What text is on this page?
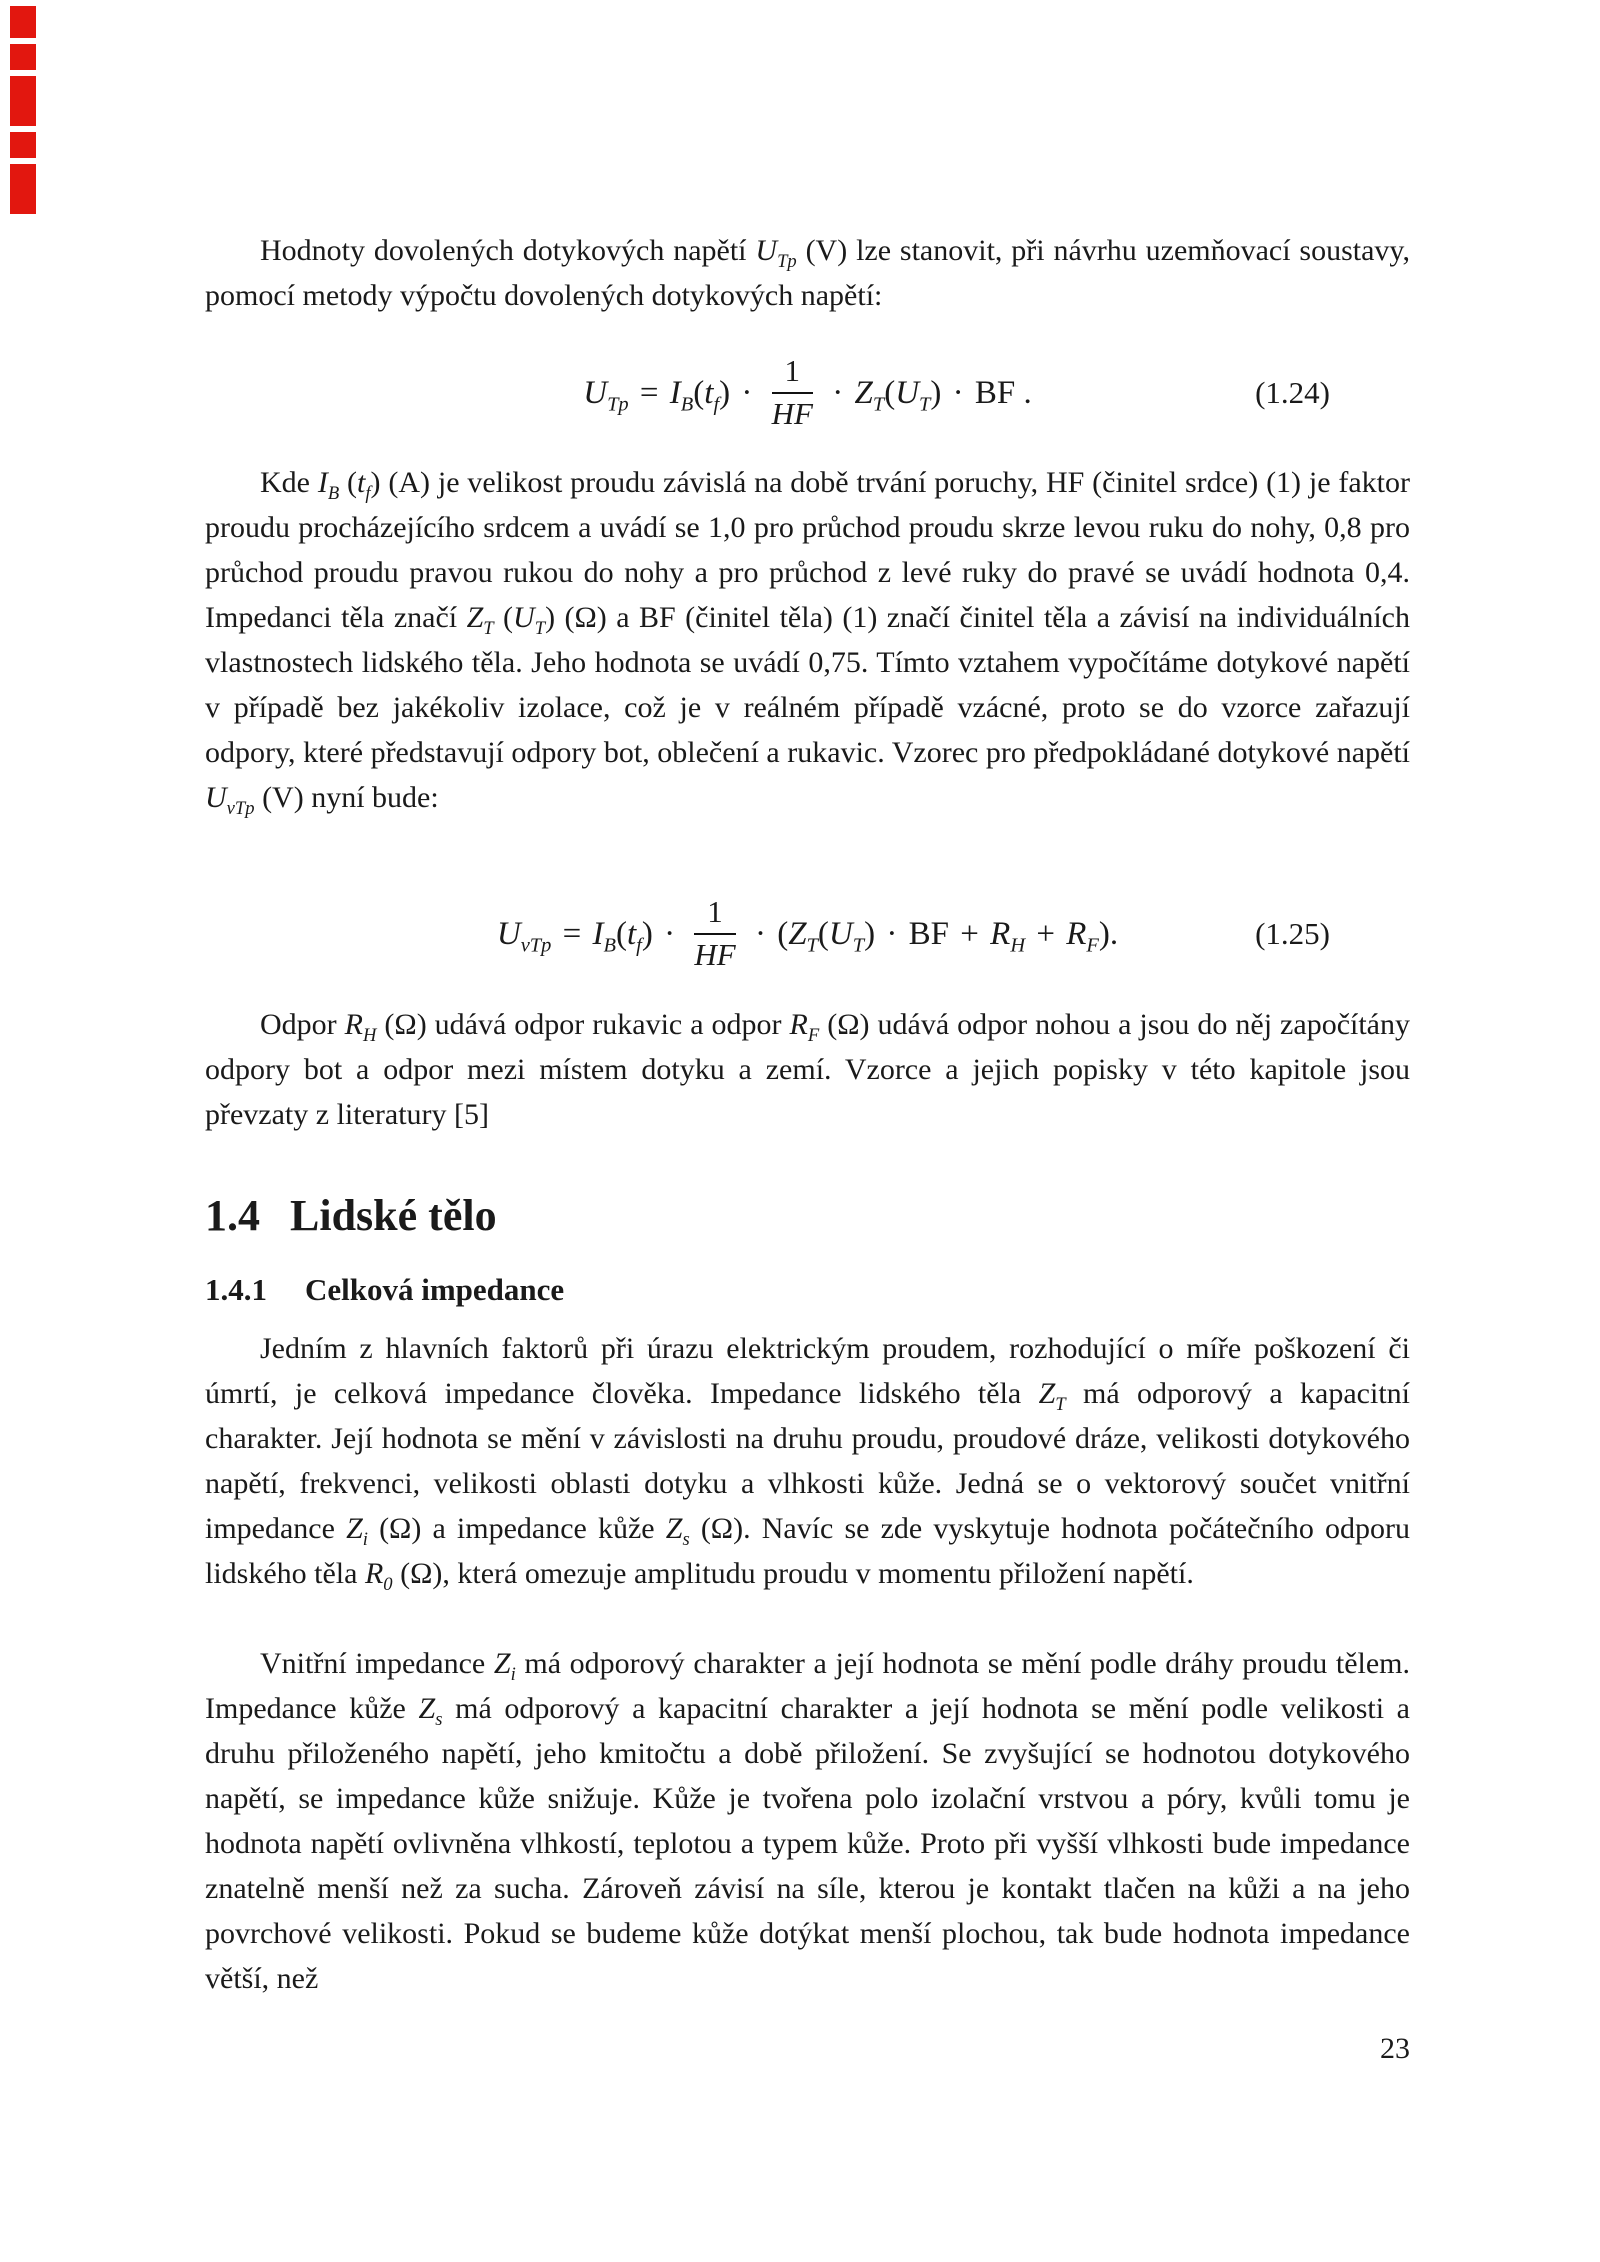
Hodnoty dovolených dotykových napětí $U_{Tp}$ (V) lze stanovit, při návrhu uzemňovací soustavy, pomocí metody výpočtu dovolených dotykových napětí:

$U_{Tp} = I_B$ ( $t_f$ ) · $\frac{1}{HF} \cdot Z_T$ ( $U_T$ ) · BF .	(1.24)

Kde $I_B$ $(t_f)$ (A) je velikost proudu závislá na době trvání poruchy, HF (činitel srdce) (1) je faktor proudu procházejícího srdcem a uvádí se 1,0 pro průchod proudu skrze levou ruku do nohy, 0,8 pro průchod proudu pravou rukou do nohy a pro průchod z levé ruky do pravé se uvádí hodnota 0,4. Impedanci těla značí $Z_T$ $(U_T)$ (Ω) a BF (činitel těla) (1) značí činitel těla a závisí na individuálních vlastnostech lidského těla. Jeho hodnota se uvádí 0,75. Tímto vztahem vypočítáme dotykové napětí v případě bez jakékoliv izolace, což je v reálném případě vzácné, proto se do vzorce zařazují odpory, které představují odpory bot, oblečení a rukavic. Vzorec pro předpokládané dotykové napětí $U_{vTp}$ (V) nyní bude:

$U_{vTp} = I_B$ ( $t_f$ ) · $\frac{1}{HF}$ · ( $Z_T$ ( $U_T$ ) · BF + $R_H + R_F$ ).	(1.25)

Odpor $R_H$ (Ω) udává odpor rukavic a odpor $R_F$ (Ω) udává odpor nohou a jsou do něj započítány odpory bot a odpor mezi místem dotyku a zemí. Vzorce a jejich popisky v této kapitole jsou převzaty z literatury [5]

1.4 Lidské tělo
1.4.1 Celková impedance

Jedním z hlavních faktorů při úrazu elektrickým proudem, rozhodující o míře poškození či úmrtí, je celková impedance člověka. Impedance lidského těla $Z_T$ má odporový a kapacitní charakter. Její hodnota se mění v závislosti na druhu proudu, proudové dráze, velikosti dotykového napětí, frekvenci, velikosti oblasti dotyku a vlhkosti kůže. Jedná se o vektorový součet vnitřní impedance $Z_i$ (Ω) a impedance kůže $Z_s$ (Ω). Navíc se zde vyskytuje hodnota počátečního odporu lidského těla $R_0$ (Ω), která omezuje amplitudu proudu v momentu přiložení napětí.

Vnitřní impedance $Z_i$ má odporový charakter a její hodnota se mění podle dráhy proudu tělem. Impedance kůže $Z_s$ má odporový a kapacitní charakter a její hodnota se mění podle velikosti a druhu přiloženého napětí, jeho kmitočtu a době přiložení. Se zvyšující se hodnotou dotykového napětí, se impedance kůže snižuje. Kůže je tvořena polo izolační vrstvou a póry, kvůli tomu je hodnota napětí ovlivněna vlhkostí, teplotou a typem kůže. Proto při vyšší vlhkosti bude impedance znatelně menší než za sucha. Zároveň závisí na síle, kterou je kontakt tlačen na kůži a na jeho povrchové velikosti. Pokud se budeme kůže dotýkat menší plochou, tak bude hodnota impedance větší, než

23
